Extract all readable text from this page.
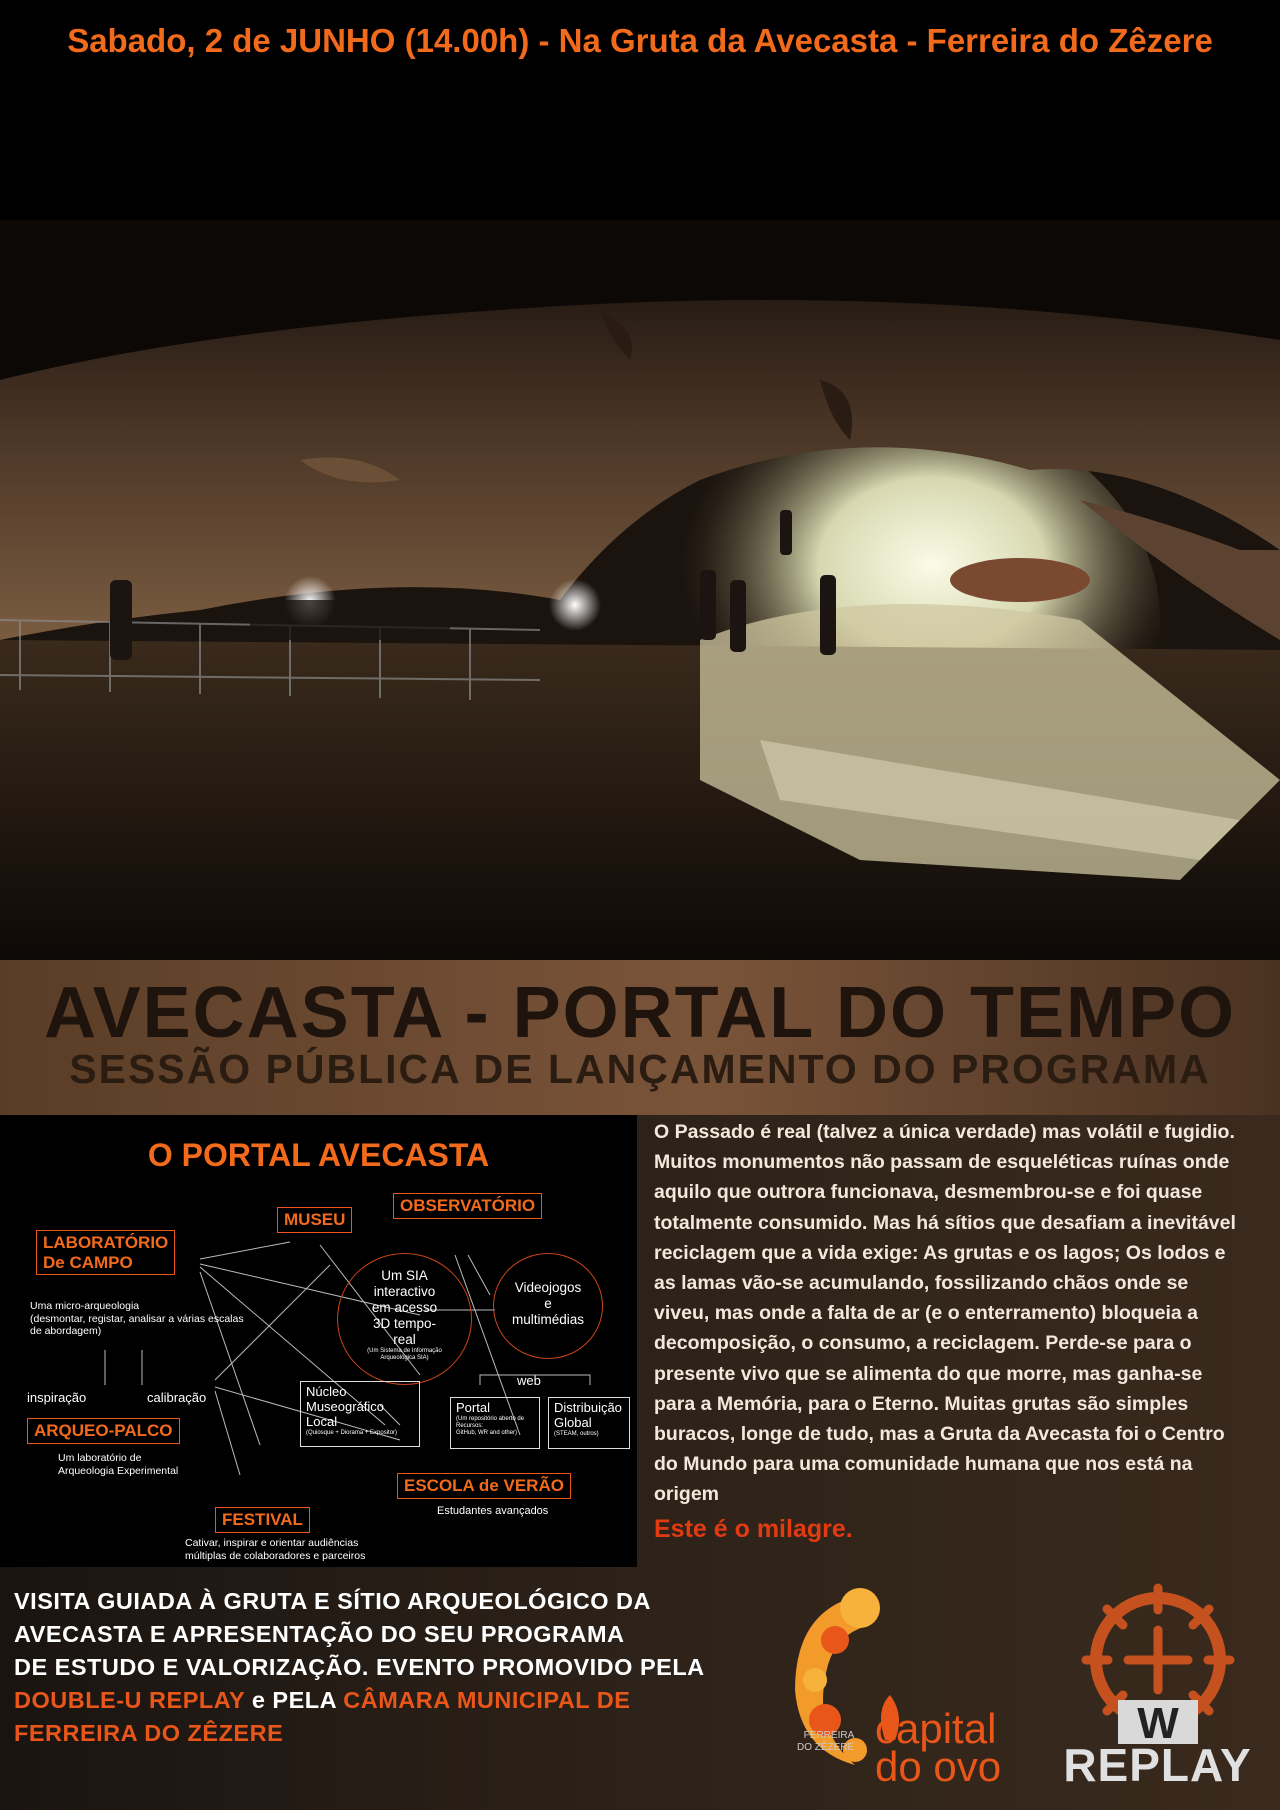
Sabado, 2 de JUNHO (14.00h) - Na Gruta da Avecasta - Ferreira do Zêzere
AVECASTA - PORTAL DO TEMPO
SESSÃO PÚBLICA DE LANÇAMENTO DO PROGRAMA
O PORTAL AVECASTA
MUSEU
OBSERVATÓRIO
LABORATÓRIO
De CAMPO
Uma micro-arqueologia
(desmontar, registar, analisar a várias escalas
de abordagem)
inspiração	calibração
ARQUEO-PALCO
Um laboratório de
Arqueologia Experimental
FESTIVAL
Cativar, inspirar e orientar audiências
múltiplas de colaboradores e parceiros
Um SIA
interactivo
em acesso
3D tempo-
real
(Um Sistema de Informação
Arqueológica SIA)
Videojogos
e
multimédias
web
Núcleo
Museográfico
Local
(Quiosque + Diorama + Expositor)
Portal
(Um repositório aberto de
Recursos:
GitHub, WR and other)
Distribuição
Global
(STEAM, outros)
ESCOLA de VERÃO
Estudantes avançados

O Passado é real (talvez a única verdade) mas volátil e fugidio. Muitos monumentos não passam de esqueléticas ruínas onde aquilo que outrora funcionava, desmembrou-se e foi quase totalmente consumido. Mas há sítios que desafiam a inevitável reciclagem que a vida exige: As grutas e os lagos; Os lodos e as lamas vão-se acumulando, fossilizando chãos onde se viveu, mas onde a falta de ar (e o enterramento) bloqueia a decomposição, o consumo, a reciclagem. Perde-se para o presente vivo que se alimenta do que morre, mas ganha-se para a Memória, para o Eterno. Muitas grutas são simples buracos, longe de tudo, mas a Gruta da Avecasta foi o Centro do Mundo para uma comunidade humana que nos está na origem

Este é o milagre.
VISITA GUIADA À GRUTA E SÍTIO ARQUEOLÓGICO DA
AVECASTA E APRESENTAÇÃO DO SEU PROGRAMA
DE ESTUDO E VALORIZAÇÃO. EVENTO PROMOVIDO PELA
DOUBLE-U REPLAY e PELA CÂMARA MUNICIPAL DE
FERREIRA DO ZÊZERE	FERREIRA
DO ZÊZERE capital
do ovo
W
REPLAY
